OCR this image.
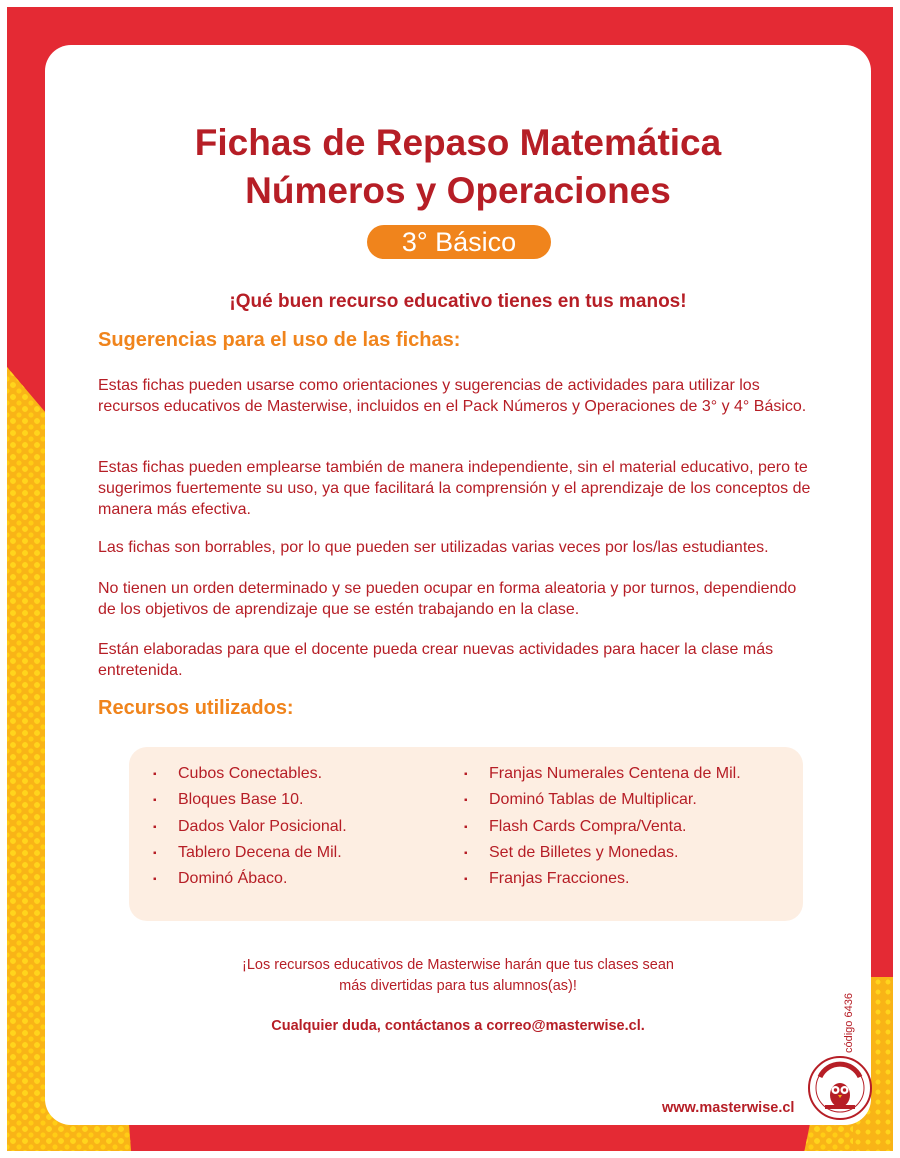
Fichas de Repaso Matemática
Números y Operaciones
3° Básico
¡Qué buen recurso educativo tienes en tus manos!
Sugerencias para el uso de las fichas:
Estas fichas pueden usarse como orientaciones y sugerencias de actividades para utilizar los recursos educativos de Masterwise, incluidos en el Pack Números y Operaciones de 3° y 4° Básico.
Estas fichas pueden emplearse también de manera independiente, sin el material educativo, pero te sugerimos fuertemente su uso, ya que facilitará la comprensión y el aprendizaje de los conceptos de manera más efectiva.
Las fichas son borrables, por lo que pueden ser utilizadas varias veces por los/las estudiantes.
No tienen un orden determinado y se pueden ocupar en forma aleatoria y por turnos, dependiendo de los objetivos de aprendizaje que se estén trabajando en la clase.
Están elaboradas para que el docente pueda crear nuevas actividades para hacer la clase más entretenida.
Recursos utilizados:
▪ Cubos Conectables.
▪ Bloques Base 10.
▪ Dados Valor Posicional.
▪ Tablero Decena de Mil.
▪ Dominó Ábaco.
▪ Franjas Numerales Centena de Mil.
▪ Dominó Tablas de Multiplicar.
▪ Flash Cards Compra/Venta.
▪ Set de Billetes y Monedas.
▪ Franjas Fracciones.
¡Los recursos educativos de Masterwise harán que tus clases sean
más divertidas para tus alumnos(as)!
Cualquier duda, contáctanos a correo@masterwise.cl.
www.masterwise.cl
código 6436
